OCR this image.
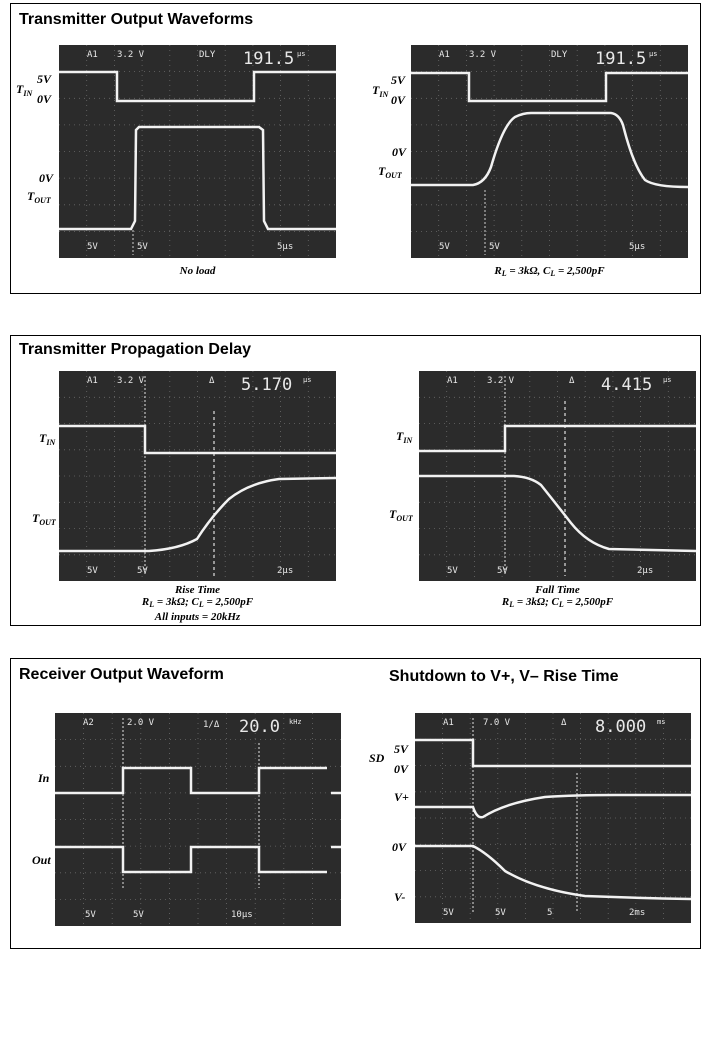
Transmitter Output Waveforms
A1 3.2 V	DLY 191.5 µs
5V	5V	5µs
$T_{IN}$
5V
0V
0V
$T_{OUT}$
No load
A1 3.2 V	DLY 191.5 µs
5V	5V	5µs
$T_{IN}$
5V
0V
0V
$T_{OUT}$
$R_L = 3k\Omega$, $C_L = 2,500pF$
Transmitter Propagation Delay
A1 3.2 V	Δ 5.170 µs
5V	5V	2µs
$T_{IN}$
$T_{OUT}$
Rise Time
$R_L = 3k\Omega$; $C_L = 2,500pF$
All inputs = 20kHz
A1	3.2 V	Δ 4.415 µs
5V	5V	2µs
$T_{IN}$
$T_{OUT}$
Fall Time
$R_L = 3k\Omega$; $C_L = 2,500pF$
Receiver Output Waveform	Shutdown to V+, V– Rise Time
A2	2.0 V	1/Δ 20.0 kHz
5V	5V	10µs
In
Out
A1	7.0 V	Δ 8.000 ms
5V	5V	5	2ms
SD
5V
0V
V+
0V
V-
